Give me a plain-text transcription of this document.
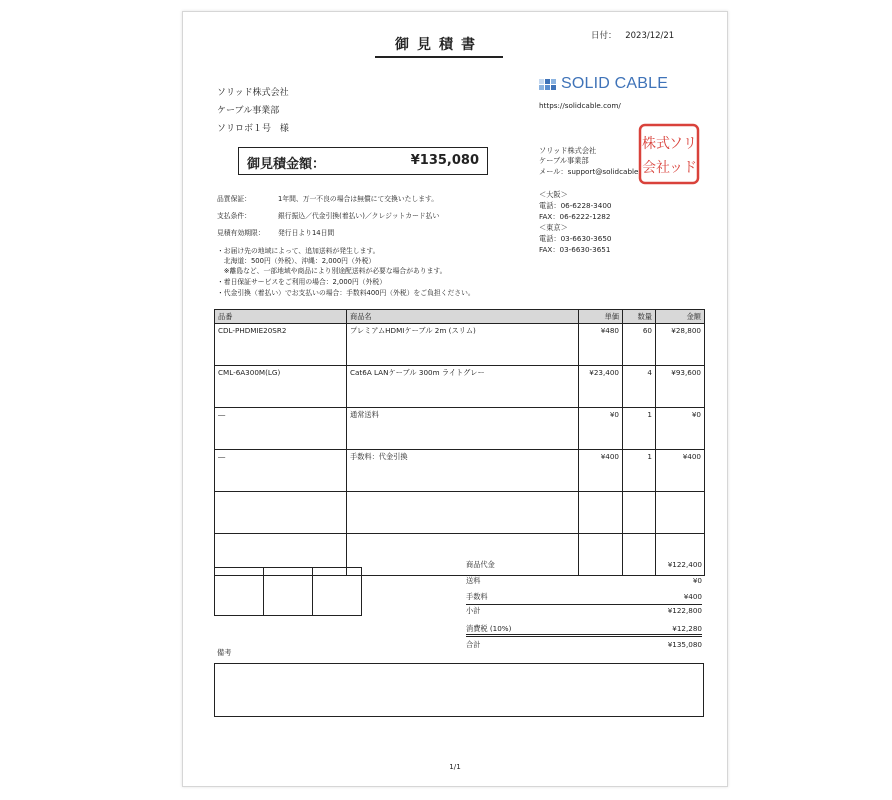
日付： 2023/12/21
御見積書
ソリッド株式会社
ケーブル事業部
ソリロボ１号 様
SOLID CABLE
https://solidcable.com/
ソリッド株式会社
ケーブル事業部
メール：support@solidcable
ソリ
ッド
株式
会社
＜大阪＞
電話：06-6228-3400
FAX：06-6222-1282
＜東京＞
電話：03-6630-3650
FAX：03-6630-3651
御見積金額：	¥135,080
品質保証：	1年間、万一不良の場合は無償にて交換いたします。
支払条件：	銀行振込／代金引換(着払い)／クレジットカード払い
見積有効期限： 発行日より14日間
・お届け先の地域によって、追加送料が発生します。
　北海道：500円（外税）、沖縄：2,000円（外税）
　※離島など、一部地域や商品により別途配送料が必要な場合があります。
・着日保証サービスをご利用の場合：2,000円（外税）
・代金引換（着払い）でお支払いの場合：手数料400円（外税）をご負担ください。
品番	商品名	単価	数量	金額
CDL-PHDMIE20SR2	プレミアムHDMIケーブル 2m (スリム)	¥480	60	¥28,800
CML-6A300M(LG)	Cat6A LANケーブル 300m ライトグレー	¥23,400	4	¥93,600
―	通常送料	¥0	1	¥0
―	手数料：代金引換	¥400	1	¥400

商品代金	¥122,400
送料	¥0
手数料	¥400
小計	¥122,800
消費税 (10%)	¥12,280
合計	¥135,080
備考
1/1
